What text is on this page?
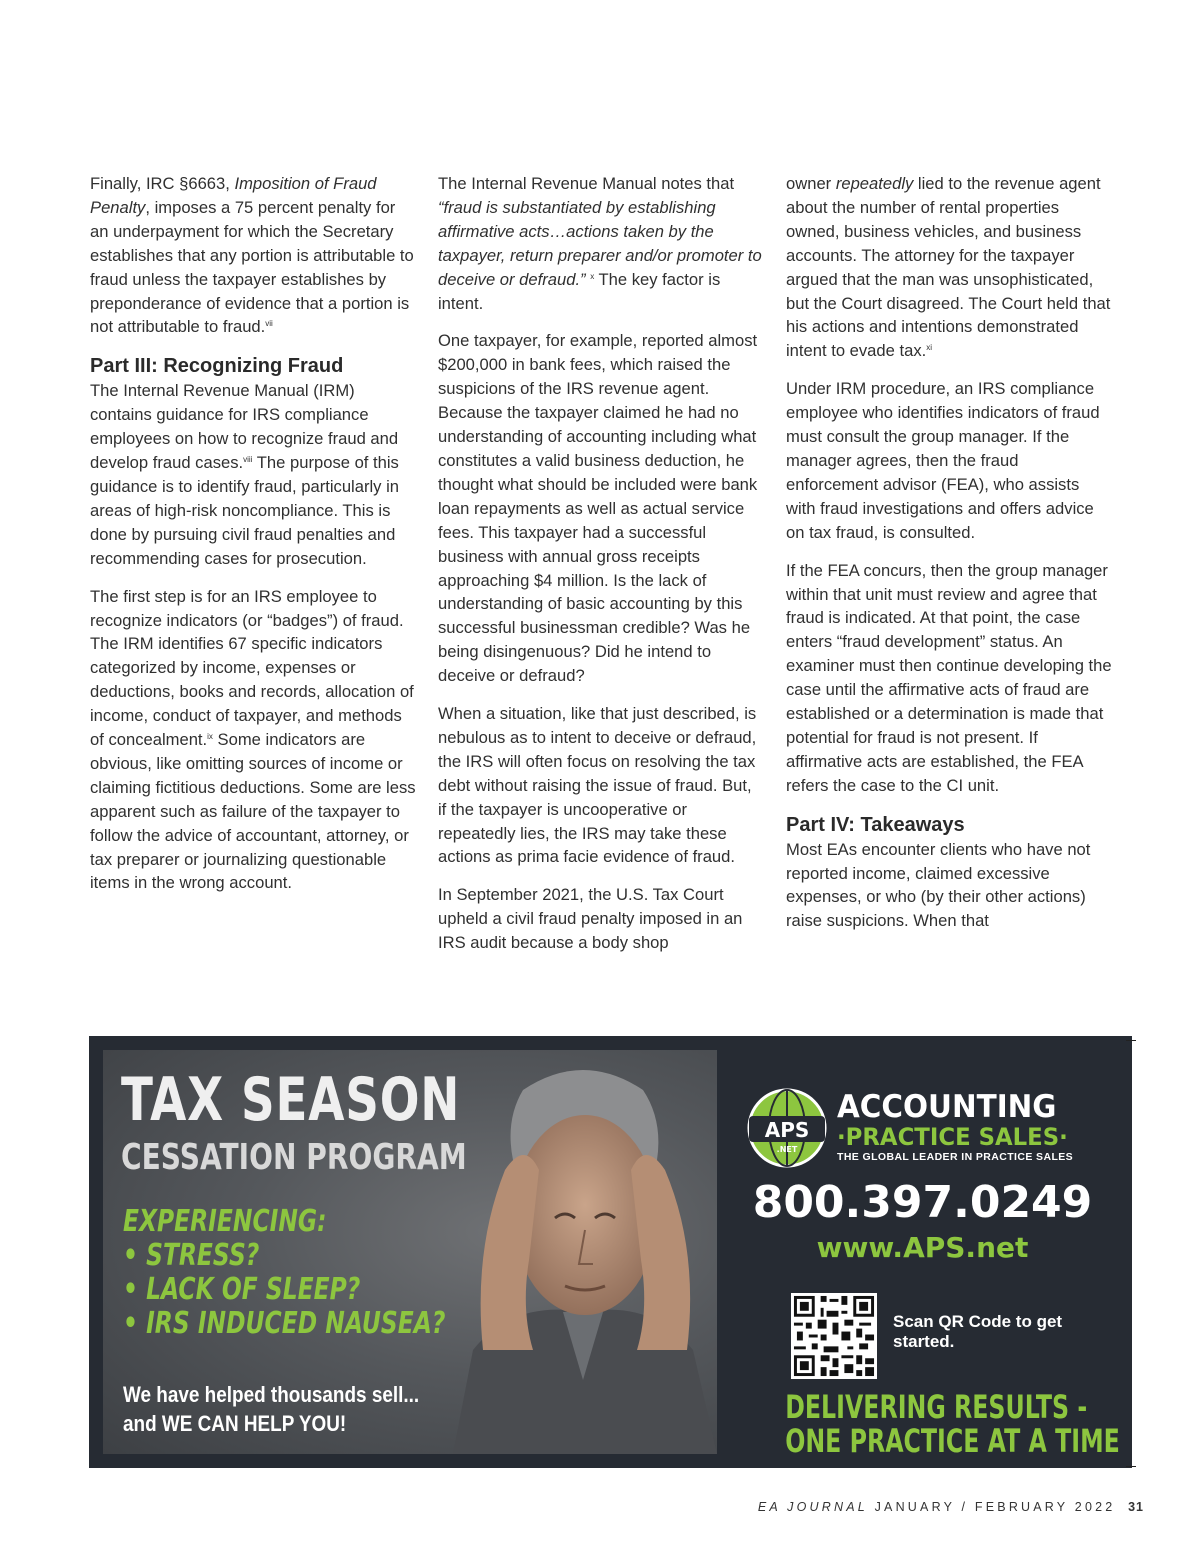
Finally, IRC §6663, Imposition of Fraud Penalty, imposes a 75 percent penalty for an underpayment for which the Secretary establishes that any portion is attributable to fraud unless the taxpayer establishes by preponderance of evidence that a portion is not attributable to fraud.$^{vii}$

Part III: Recognizing Fraud

The Internal Revenue Manual (IRM) contains guidance for IRS compliance employees on how to recognize fraud and develop fraud cases.$^{viii}$ The purpose of this guidance is to identify fraud, particularly in areas of high-risk noncompliance. This is done by pursuing civil fraud penalties and recommending cases for prosecution.

The first step is for an IRS employee to recognize indicators (or “badges”) of fraud. The IRM identifies 67 specific indicators categorized by income, expenses or deductions, books and records, allocation of income, conduct of taxpayer, and methods of concealment.$^{ix}$ Some indicators are obvious, like omitting sources of income or claiming fictitious deductions. Some are less apparent such as failure of the taxpayer to follow the advice of accountant, attorney, or tax preparer or journalizing questionable items in the wrong account.

The Internal Revenue Manual notes that “fraud is substantiated by establishing affirmative acts…actions taken by the taxpayer, return preparer and/or promoter to deceive or defraud.” $^x$ The key factor is intent.

One taxpayer, for example, reported almost $200,000 in bank fees, which raised the suspicions of the IRS revenue agent. Because the taxpayer claimed he had no understanding of accounting including what constitutes a valid business deduction, he thought what should be included were bank loan repayments as well as actual service fees. This taxpayer had a successful business with annual gross receipts approaching $4 million. Is the lack of understanding of basic accounting by this successful businessman credible? Was he being disingenuous? Did he intend to deceive or defraud?

When a situation, like that just described, is nebulous as to intent to deceive or defraud, the IRS will often focus on resolving the tax debt without raising the issue of fraud. But, if the taxpayer is uncooperative or repeatedly lies, the IRS may take these actions as prima facie evidence of fraud.

In September 2021, the U.S. Tax Court upheld a civil fraud penalty imposed in an IRS audit because a body shop

owner repeatedly lied to the revenue agent about the number of rental properties owned, business vehicles, and business accounts. The attorney for the taxpayer argued that the man was unsophisticated, but the Court disagreed. The Court held that his actions and intentions demonstrated intent to evade tax.$^{xi}$

Under IRM procedure, an IRS compliance employee who identifies indicators of fraud must consult the group manager. If the manager agrees, then the fraud enforcement advisor (FEA), who assists with fraud investigations and offers advice on tax fraud, is consulted.

If the FEA concurs, then the group manager within that unit must review and agree that fraud is indicated. At that point, the case enters “fraud development” status. An examiner must then continue developing the case until the affirmative acts of fraud are established or a determination is made that potential for fraud is not present. If affirmative acts are established, the FEA refers the case to the CI unit.

Part IV: Takeaways

Most EAs encounter clients who have not reported income, claimed excessive expenses, or who (by their other actions) raise suspicions. When that

TAX SEASON
CESSATION PROGRAM
EXPERIENCING:
• STRESS?
• LACK OF SLEEP?
• IRS INDUCED NAUSEA?
We have helped thousands sell...
and WE CAN HELP YOU!
APS
.NET
ACCOUNTING
·PRACTICE SALES·
THE GLOBAL LEADER IN PRACTICE SALES
800.397.0249
www.APS.net
Scan QR Code to get started.
DELIVERING RESULTS -
ONE PRACTICE AT A TIME
EA JOURNAL JANUARY / FEBRUARY 2022 31
